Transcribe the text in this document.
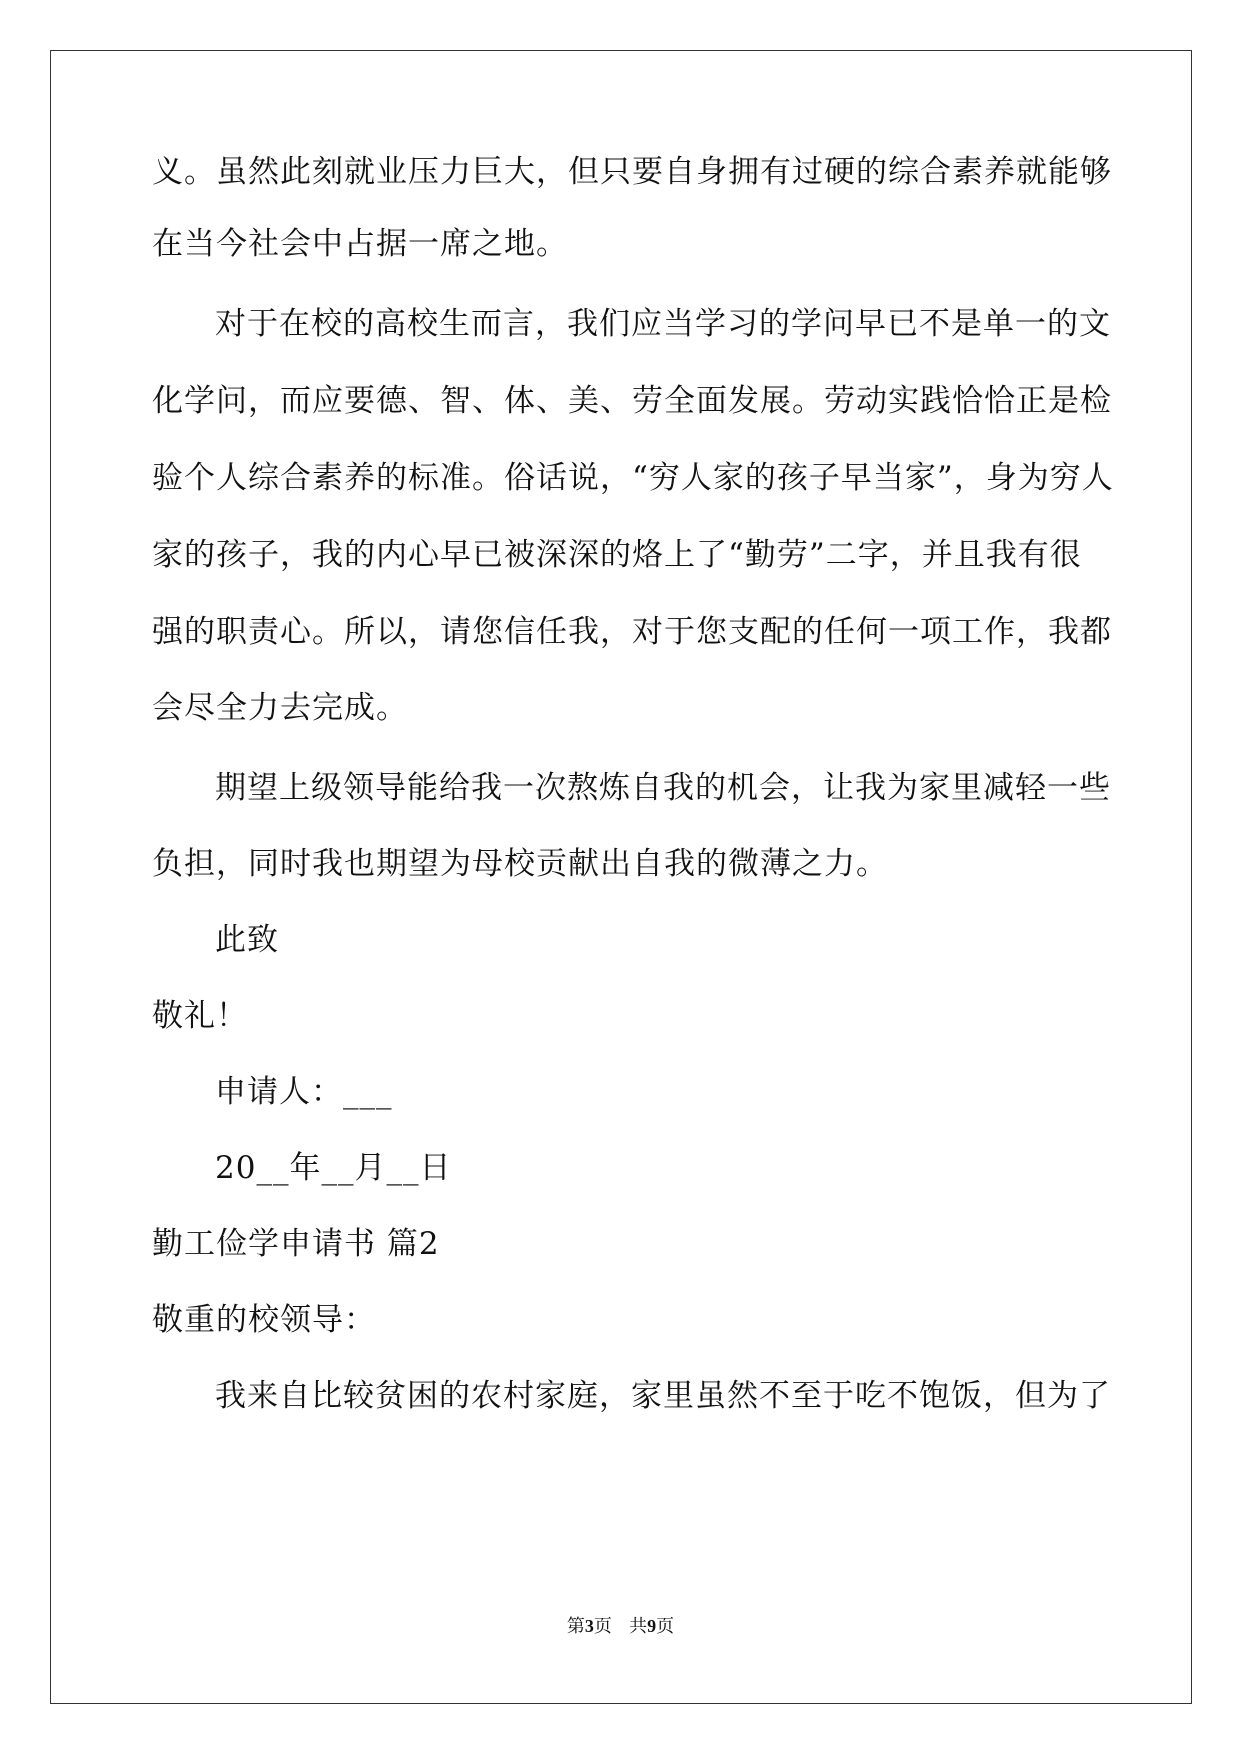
义。虽然此刻就业压力巨大，但只要自身拥有过硬的综合素养就能够
在当今社会中占据一席之地。
对于在校的高校生而言，我们应当学习的学问早已不是单一的文
化学问，而应要德、智、体、美、劳全面发展。劳动实践恰恰正是检
验个人综合素养的标准。俗话说，“穷人家的孩子早当家”，身为穷人
家的孩子，我的内心早已被深深的烙上了“勤劳”二字，并且我有很
强的职责心。所以，请您信任我，对于您支配的任何一项工作，我都
会尽全力去完成。
期望上级领导能给我一次熬炼自我的机会，让我为家里减轻一些
负担，同时我也期望为母校贡献出自我的微薄之力。
此致
敬礼！
申请人：___
20__年__月__日
勤工俭学申请书 篇2
敬重的校领导：
我来自比较贫困的农村家庭，家里虽然不至于吃不饱饭，但为了
第3页   共9页
